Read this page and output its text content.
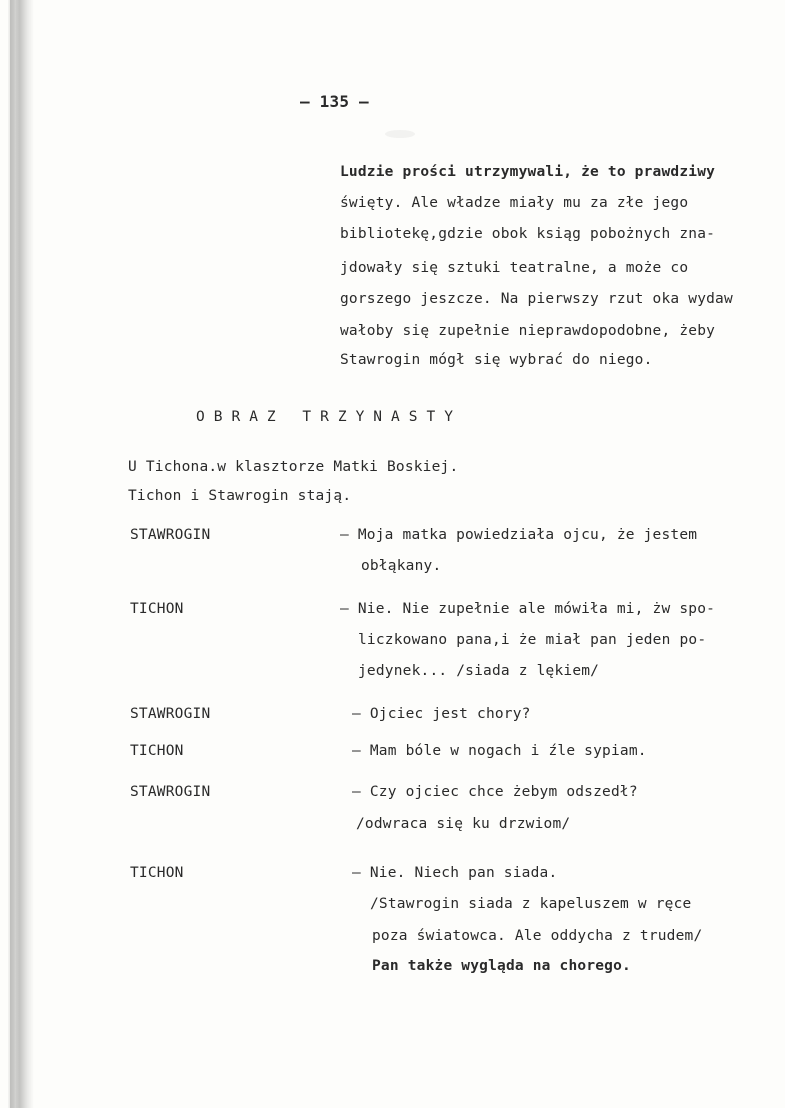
– 135 –
Ludzie prości utrzymywali, że to prawdziwy
święty. Ale władze miały mu za złe jego
bibliotekę,gdzie obok ksiąg pobożnych zna-
jdowały się sztuki teatralne, a może co
gorszego jeszcze. Na pierwszy rzut oka wydaw
wałoby się zupełnie nieprawdopodobne, żeby
Stawrogin mógł się wybrać do niego.
OBRAZ TRZYNASTY
U Tichona.w klasztorze Matki Boskiej.
Tichon i Stawrogin stają.
STAWROGIN	– Moja matka powiedziała ojcu, że jestem
obłąkany.
TICHON	– Nie. Nie zupełnie ale mówiła mi, żw spo-
liczkowano pana,i że miał pan jeden po-
jedynek... /siada z lękiem/
STAWROGIN	– Ojciec jest chory?
TICHON	– Mam bóle w nogach i źle sypiam.
STAWROGIN	– Czy ojciec chce żebym odszedł?
/odwraca się ku drzwiom/
TICHON	– Nie. Niech pan siada.
/Stawrogin siada z kapeluszem w ręce
poza światowca. Ale oddycha z trudem/
Pan także wygląda na chorego.
